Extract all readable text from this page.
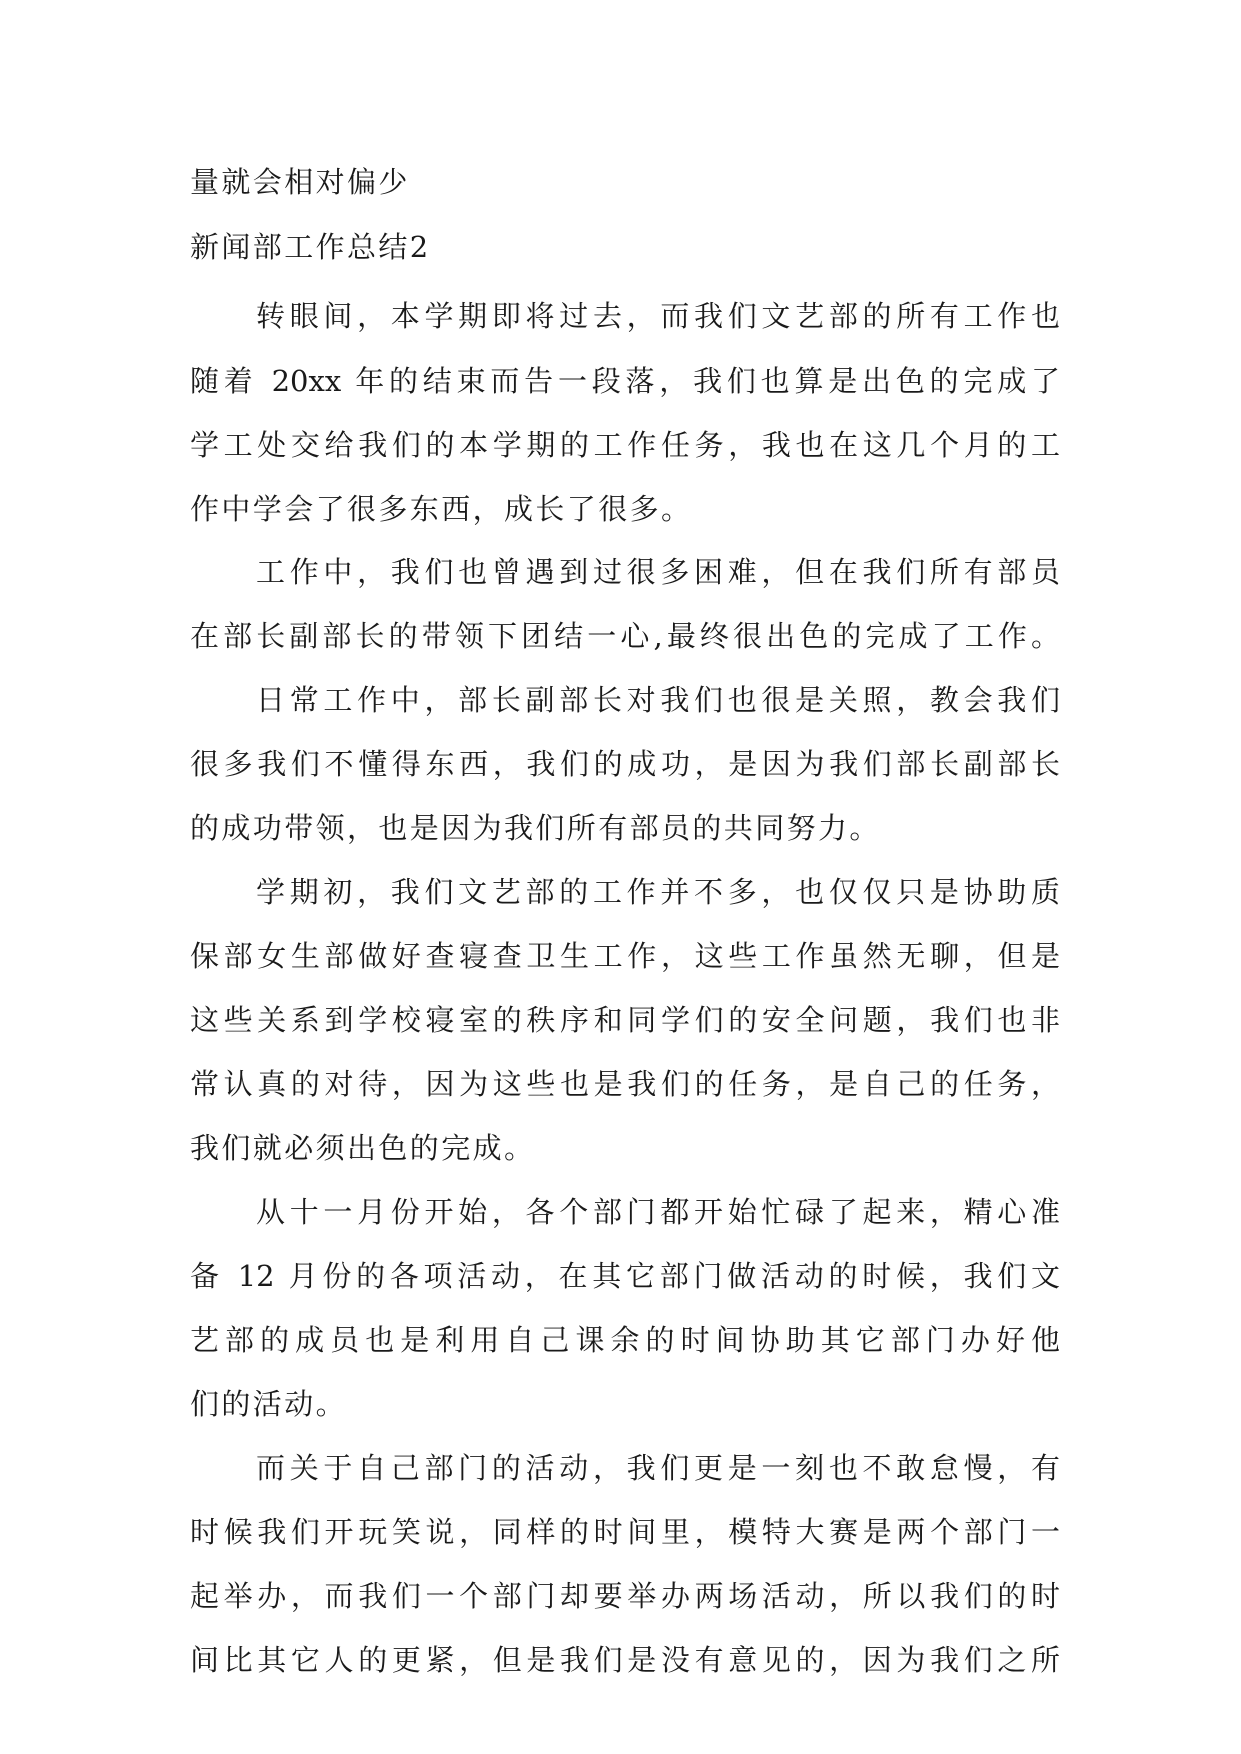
量就会相对偏少
新闻部工作总结2
转眼间，本学期即将过去，而我们文艺部的所有工作也
随着 20xx 年的结束而告一段落，我们也算是出色的完成了
学工处交给我们的本学期的工作任务，我也在这几个月的工
作中学会了很多东西，成长了很多。
工作中，我们也曾遇到过很多困难，但在我们所有部员
在部长副部长的带领下团结一心,最终很出色的完成了工作。
日常工作中，部长副部长对我们也很是关照，教会我们
很多我们不懂得东西，我们的成功，是因为我们部长副部长
的成功带领，也是因为我们所有部员的共同努力。
学期初，我们文艺部的工作并不多，也仅仅只是协助质
保部女生部做好查寝查卫生工作，这些工作虽然无聊，但是
这些关系到学校寝室的秩序和同学们的安全问题，我们也非
常认真的对待，因为这些也是我们的任务，是自己的任务，
我们就必须出色的完成。
从十一月份开始，各个部门都开始忙碌了起来，精心准
备 12 月份的各项活动，在其它部门做活动的时候，我们文
艺部的成员也是利用自己课余的时间协助其它部门办好他
们的活动。
而关于自己部门的活动，我们更是一刻也不敢怠慢，有
时候我们开玩笑说，同样的时间里，模特大赛是两个部门一
起举办，而我们一个部门却要举办两场活动，所以我们的时
间比其它人的更紧，但是我们是没有意见的，因为我们之所
